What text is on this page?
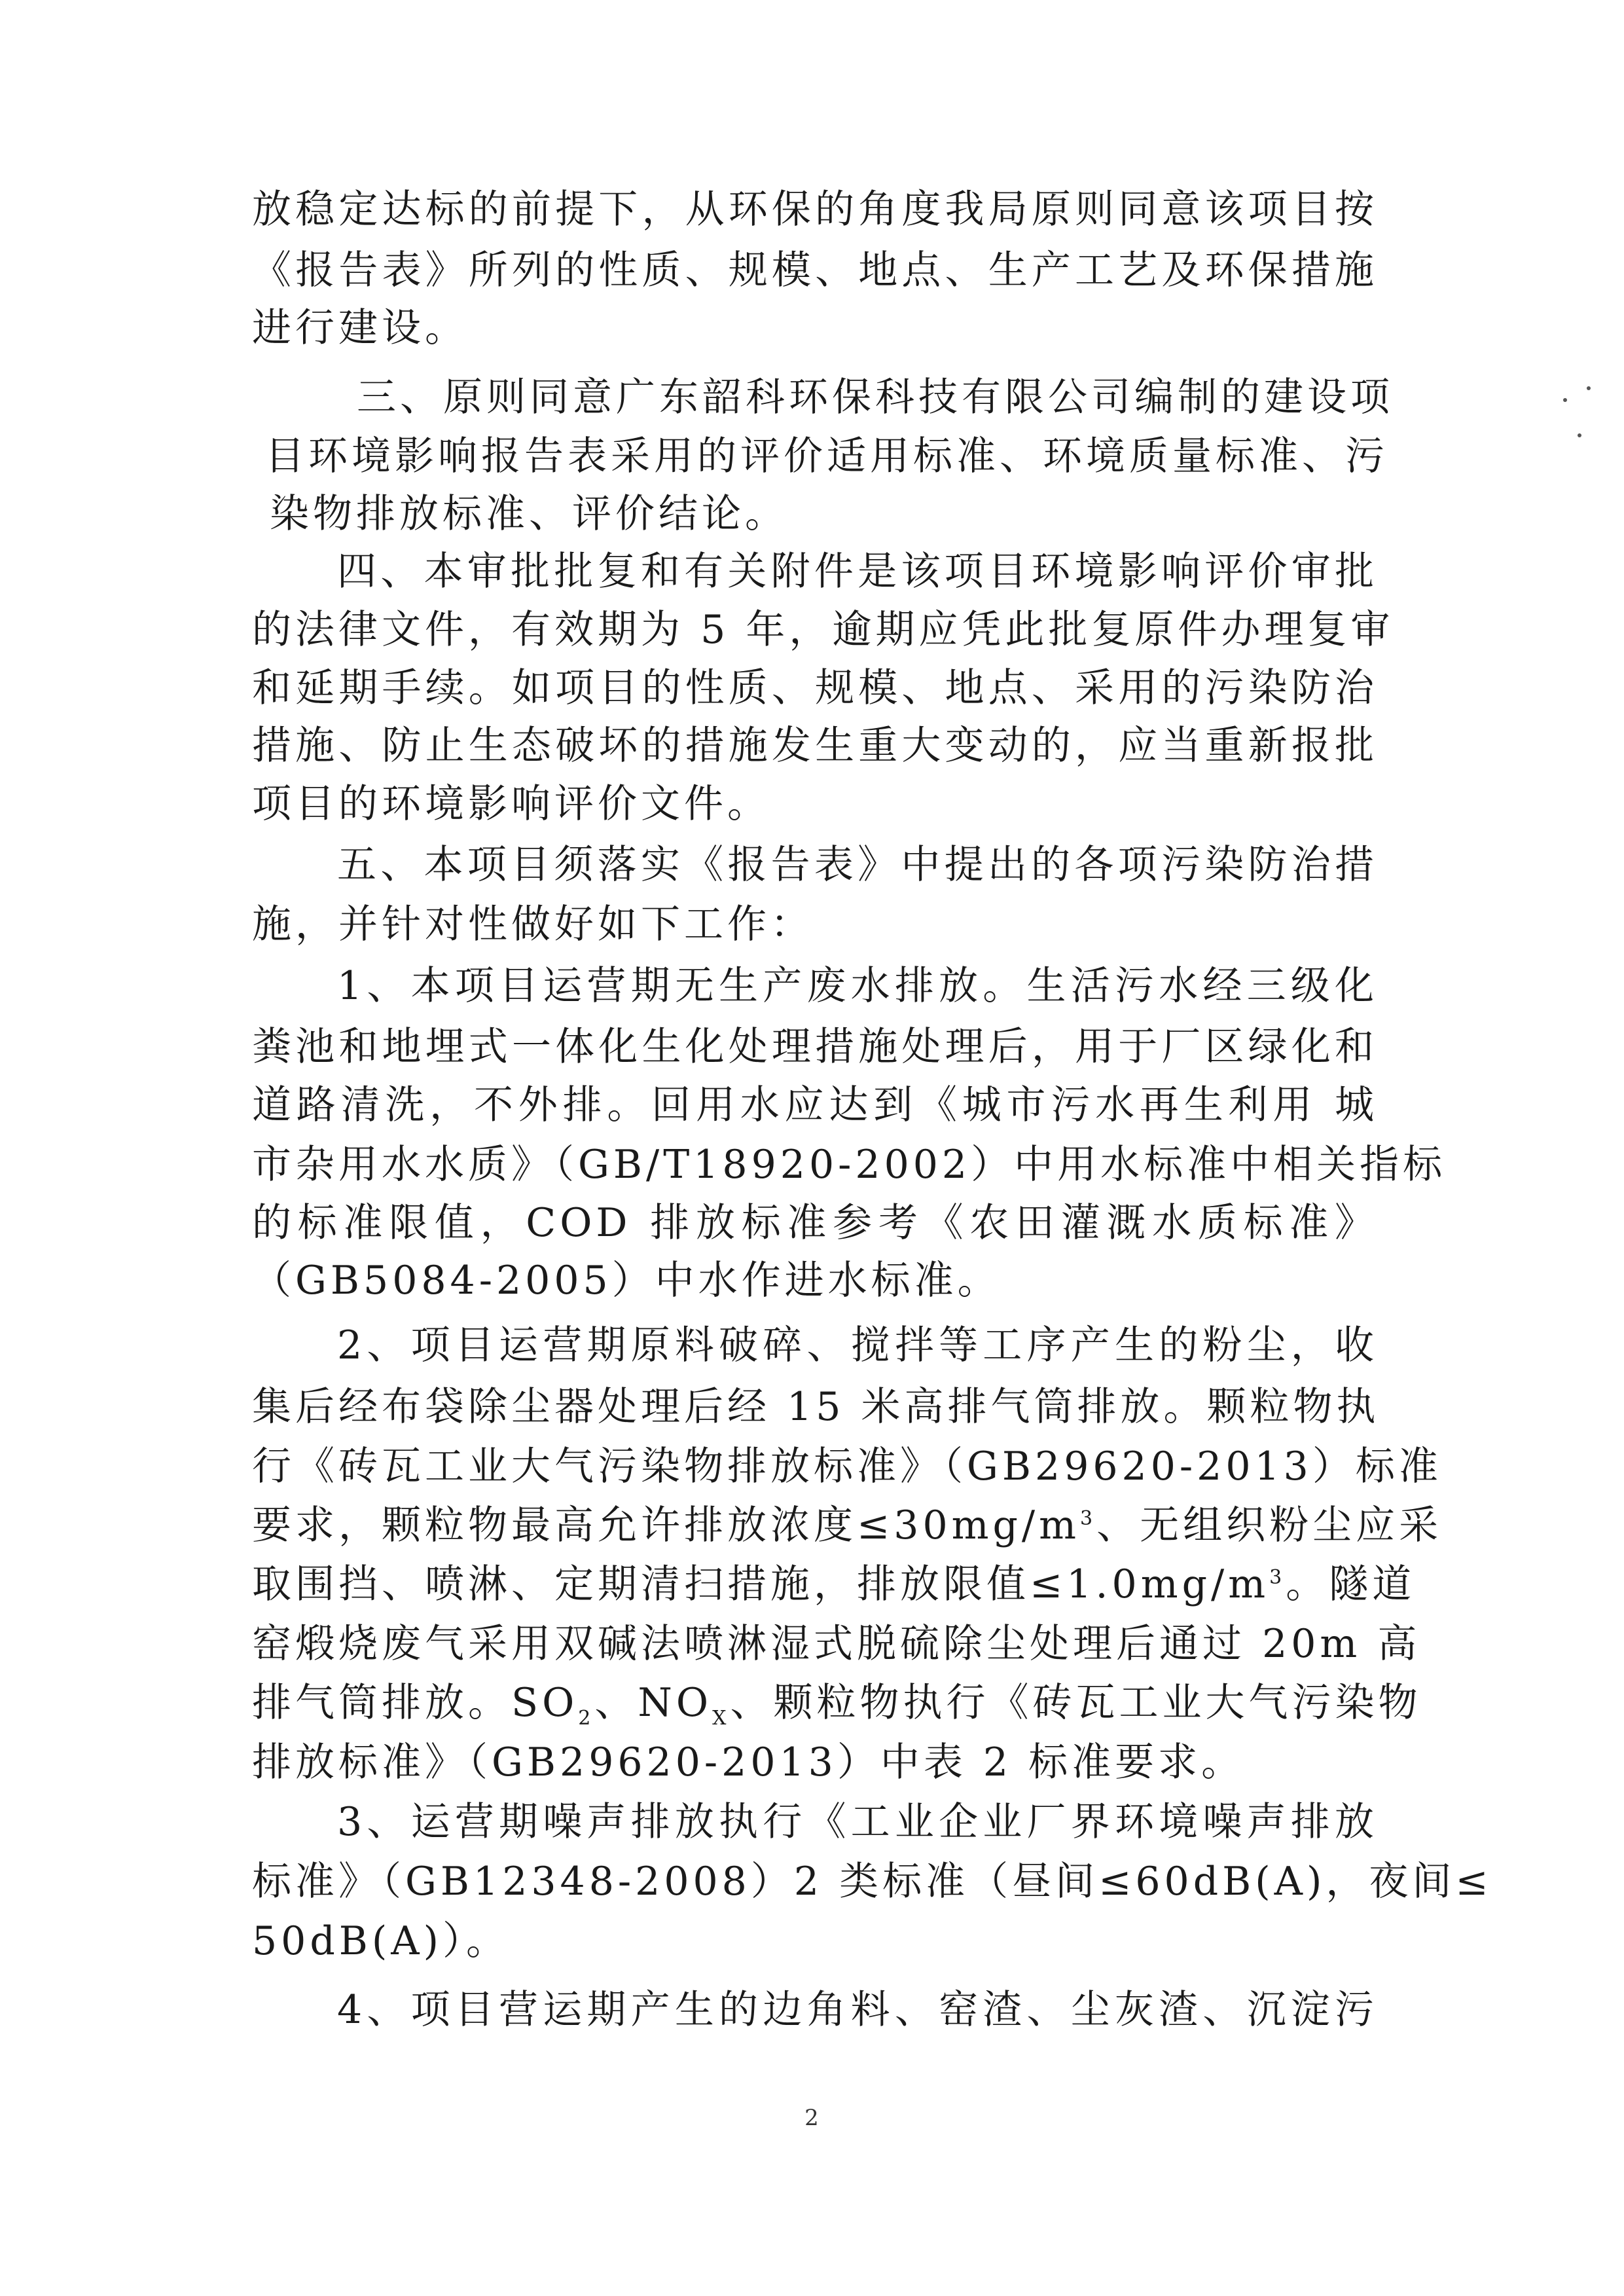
放稳定达标的前提下，从环保的角度我局原则同意该项目按
《报告表》所列的性质、规模、地点、生产工艺及环保措施
进行建设。
三、原则同意广东韶科环保科技有限公司编制的建设项
目环境影响报告表采用的评价适用标准、环境质量标准、污
染物排放标准、评价结论。
四、本审批批复和有关附件是该项目环境影响评价审批
的法律文件，有效期为 5 年，逾期应凭此批复原件办理复审
和延期手续。如项目的性质、规模、地点、采用的污染防治
措施、防止生态破坏的措施发生重大变动的，应当重新报批
项目的环境影响评价文件。
五、本项目须落实《报告表》中提出的各项污染防治措
施，并针对性做好如下工作：
1、本项目运营期无生产废水排放。生活污水经三级化
粪池和地埋式一体化生化处理措施处理后，用于厂区绿化和
道路清洗，不外排。回用水应达到《城市污水再生利用 城
市杂用水水质》（GB/T18920-2002）中用水标准中相关指标
的标准限值，COD 排放标准参考《农田灌溉水质标准》
（GB5084-2005）中水作进水标准。
2、项目运营期原料破碎、搅拌等工序产生的粉尘，收
集后经布袋除尘器处理后经 15 米高排气筒排放。颗粒物执
行《砖瓦工业大气污染物排放标准》（GB29620-2013）标准
要求，颗粒物最高允许排放浓度$\le 30mg/m^3$、无组织粉尘应采
取围挡、喷淋、定期清扫措施，排放限值$\le 1.0mg/m^3$。隧道
窑煅烧废气采用双碱法喷淋湿式脱硫除尘处理后通过 20m 高
排气筒排放。$SO_2$、$NO_X$、颗粒物执行《砖瓦工业大气污染物
排放标准》（GB29620-2013）中表 2 标准要求。
3、运营期噪声排放执行《工业企业厂界环境噪声排放
标准》（GB12348-2008）2 类标准（昼间≤60dB(A)，夜间≤
50dB(A)）。
4、项目营运期产生的边角料、窑渣、尘灰渣、沉淀污
2
